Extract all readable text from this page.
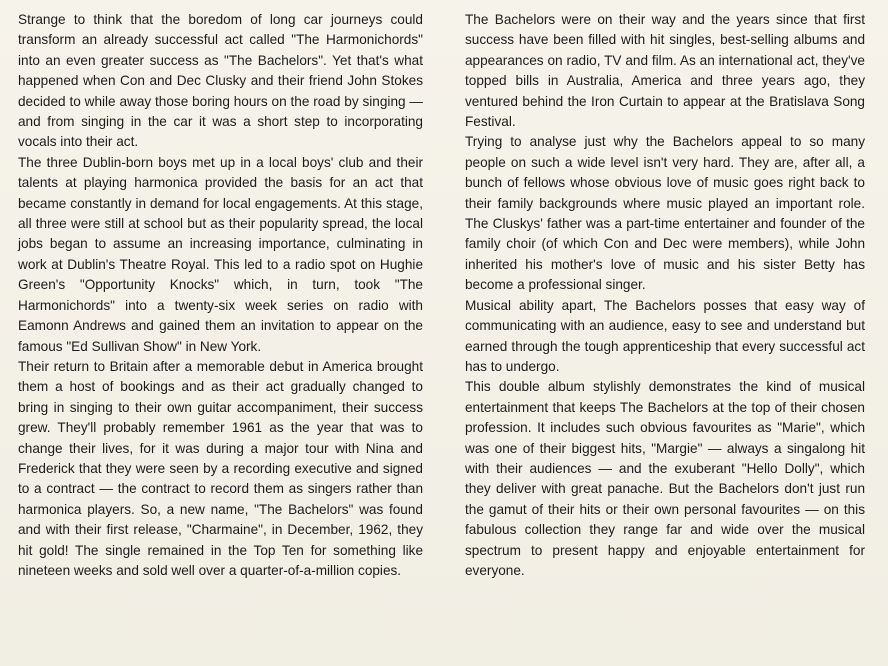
Strange to think that the boredom of long car journeys could transform an already successful act called "The Harmonichords" into an even greater success as "The Bachelors". Yet that's what happened when Con and Dec Clusky and their friend John Stokes decided to while away those boring hours on the road by singing — and from singing in the car it was a short step to incorporating vocals into their act.

The three Dublin-born boys met up in a local boys' club and their talents at playing harmonica provided the basis for an act that became constantly in demand for local engagements. At this stage, all three were still at school but as their popularity spread, the local jobs began to assume an increasing importance, culminating in work at Dublin's Theatre Royal. This led to a radio spot on Hughie Green's "Opportunity Knocks" which, in turn, took "The Harmonichords" into a twenty-six week series on radio with Eamonn Andrews and gained them an invitation to appear on the famous "Ed Sullivan Show" in New York.

Their return to Britain after a memorable debut in America brought them a host of bookings and as their act gradually changed to bring in singing to their own guitar accompaniment, their success grew. They'll probably remember 1961 as the year that was to change their lives, for it was during a major tour with Nina and Frederick that they were seen by a recording executive and signed to a contract — the contract to record them as singers rather than harmonica players. So, a new name, "The Bachelors" was found and with their first release, "Charmaine", in December, 1962, they hit gold! The single remained in the Top Ten for something like nineteen weeks and sold well over a quarter-of-a-million copies.

The Bachelors were on their way and the years since that first success have been filled with hit singles, best-selling albums and appearances on radio, TV and film. As an international act, they've topped bills in Australia, America and three years ago, they ventured behind the Iron Curtain to appear at the Bratislava Song Festival.

Trying to analyse just why the Bachelors appeal to so many people on such a wide level isn't very hard. They are, after all, a bunch of fellows whose obvious love of music goes right back to their family backgrounds where music played an important role. The Cluskys' father was a part-time entertainer and founder of the family choir (of which Con and Dec were members), while John inherited his mother's love of music and his sister Betty has become a professional singer.

Musical ability apart, The Bachelors posses that easy way of communicating with an audience, easy to see and understand but earned through the tough apprenticeship that every successful act has to undergo.

This double album stylishly demonstrates the kind of musical entertainment that keeps The Bachelors at the top of their chosen profession. It includes such obvious favourites as "Marie", which was one of their biggest hits, "Margie" — always a singalong hit with their audiences — and the exuberant "Hello Dolly", which they deliver with great panache. But the Bachelors don't just run the gamut of their hits or their own personal favourites — on this fabulous collection they range far and wide over the musical spectrum to present happy and enjoyable entertainment for everyone.
